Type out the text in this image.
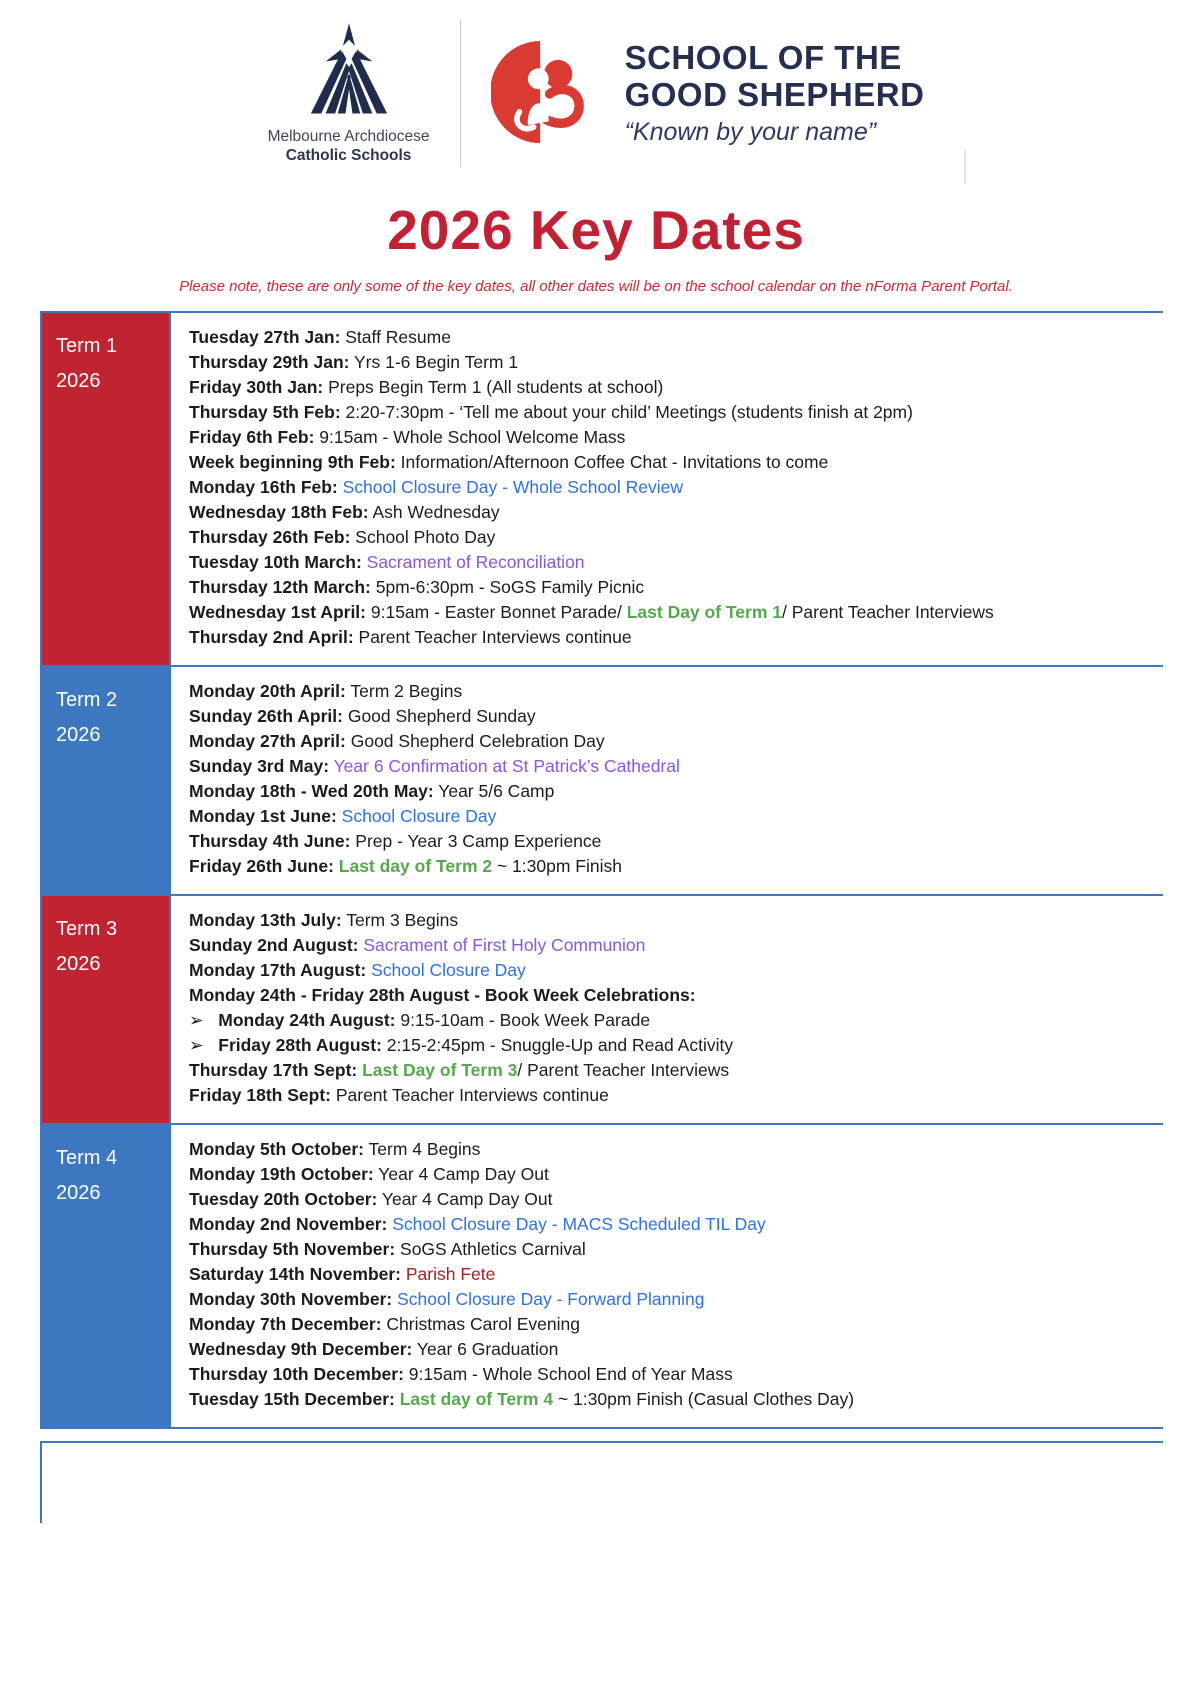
Melbourne Archdiocese
Catholic Schools
SCHOOL OF THE
GOOD SHEPHERD
“Known by your name”
2026 Key Dates

Please note, these are only some of the key dates, all other dates will be on the school calendar on the nForma Parent Portal.

Term 1
2026
Tuesday 27th Jan: Staff Resume
Thursday 29th Jan: Yrs 1-6 Begin Term 1
Friday 30th Jan: Preps Begin Term 1 (All students at school)
Thursday 5th Feb: 2:20-7:30pm - ‘Tell me about your child’ Meetings (students finish at 2pm)
Friday 6th Feb: 9:15am - Whole School Welcome Mass
Week beginning 9th Feb: Information/Afternoon Coffee Chat - Invitations to come
Monday 16th Feb: School Closure Day - Whole School Review
Wednesday 18th Feb: Ash Wednesday
Thursday 26th Feb: School Photo Day
Tuesday 10th March: Sacrament of Reconciliation
Thursday 12th March: 5pm-6:30pm - SoGS Family Picnic
Wednesday 1st April: 9:15am - Easter Bonnet Parade/ Last Day of Term 1/ Parent Teacher Interviews
Thursday 2nd April: Parent Teacher Interviews continue
Term 2
2026
Monday 20th April: Term 2 Begins
Sunday 26th April: Good Shepherd Sunday
Monday 27th April: Good Shepherd Celebration Day
Sunday 3rd May: Year 6 Confirmation at St Patrick’s Cathedral
Monday 18th - Wed 20th May: Year 5/6 Camp
Monday 1st June: School Closure Day
Thursday 4th June: Prep - Year 3 Camp Experience
Friday 26th June: Last day of Term 2 ~ 1:30pm Finish
Term 3
2026
Monday 13th July: Term 3 Begins
Sunday 2nd August: Sacrament of First Holy Communion
Monday 17th August: School Closure Day
Monday 24th - Friday 28th August - Book Week Celebrations:
➢   Monday 24th August: 9:15-10am - Book Week Parade
➢   Friday 28th August: 2:15-2:45pm - Snuggle-Up and Read Activity
Thursday 17th Sept: Last Day of Term 3/ Parent Teacher Interviews
Friday 18th Sept: Parent Teacher Interviews continue
Term 4
2026
Monday 5th October: Term 4 Begins
Monday 19th October: Year 4 Camp Day Out
Tuesday 20th October: Year 4 Camp Day Out
Monday 2nd November: School Closure Day - MACS Scheduled TIL Day
Thursday 5th November: SoGS Athletics Carnival
Saturday 14th November: Parish Fete
Monday 30th November: School Closure Day - Forward Planning
Monday 7th December: Christmas Carol Evening
Wednesday 9th December: Year 6 Graduation
Thursday 10th December: 9:15am - Whole School End of Year Mass
Tuesday 15th December: Last day of Term 4 ~ 1:30pm Finish (Casual Clothes Day)
